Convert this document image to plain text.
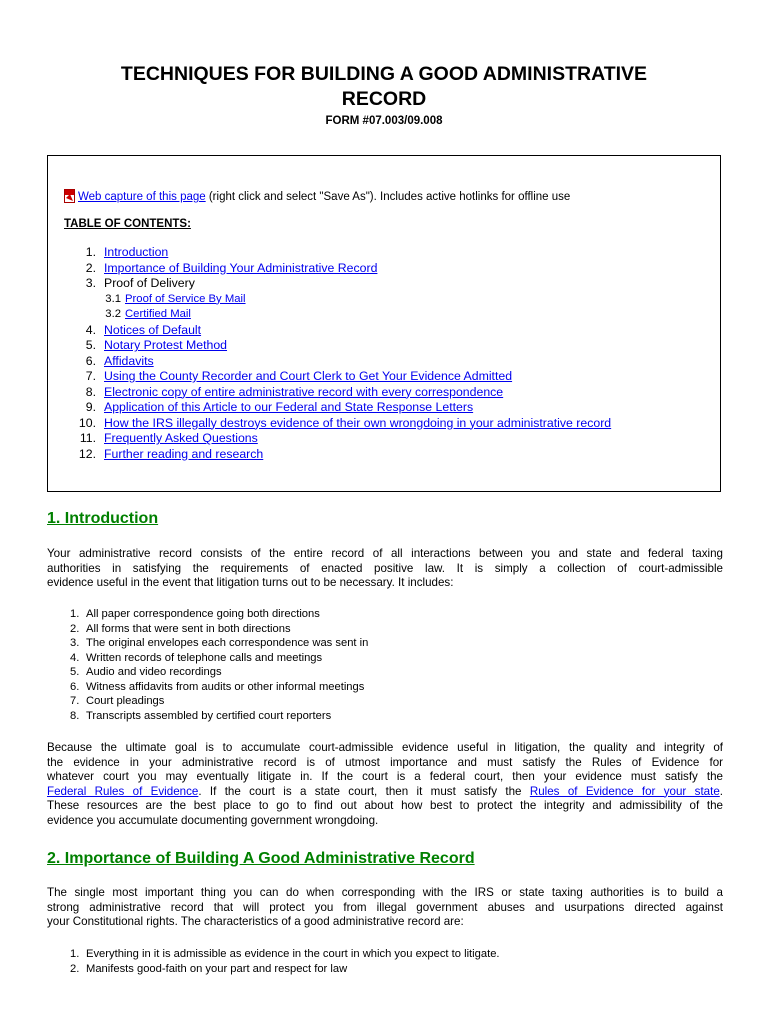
TECHNIQUES FOR BUILDING A GOOD ADMINISTRATIVE
RECORD
FORM #07.003/09.008
Web capture of this page (right click and select "Save As"). Includes active hotlinks for offline use
TABLE OF CONTENTS:
1. Introduction
2. Importance of Building Your Administrative Record
3. Proof of Delivery
3.1 Proof of Service By Mail
3.2 Certified Mail
4. Notices of Default
5. Notary Protest Method
6. Affidavits
7. Using the County Recorder and Court Clerk to Get Your Evidence Admitted
8. Electronic copy of entire administrative record with every correspondence
9. Application of this Article to our Federal and State Response Letters
10. How the IRS illegally destroys evidence of their own wrongdoing in your administrative record
11. Frequently Asked Questions
12. Further reading and research
1. Introduction
Your administrative record consists of the entire record of all interactions between you and state and federal taxing
authorities in satisfying the requirements of enacted positive law. It is simply a collection of court-admissible
evidence useful in the event that litigation turns out to be necessary. It includes:
1. All paper correspondence going both directions
2. All forms that were sent in both directions
3. The original envelopes each correspondence was sent in
4. Written records of telephone calls and meetings
5. Audio and video recordings
6. Witness affidavits from audits or other informal meetings
7. Court pleadings
8. Transcripts assembled by certified court reporters
Because the ultimate goal is to accumulate court-admissible evidence useful in litigation, the quality and integrity of
the evidence in your administrative record is of utmost importance and must satisfy the Rules of Evidence for
whatever court you may eventually litigate in. If the court is a federal court, then your evidence must satisfy the
Federal Rules of Evidence. If the court is a state court, then it must satisfy the Rules of Evidence for your state.
These resources are the best place to go to find out about how best to protect the integrity and admissibility of the
evidence you accumulate documenting government wrongdoing.
2. Importance of Building A Good Administrative Record
The single most important thing you can do when corresponding with the IRS or state taxing authorities is to build a
strong administrative record that will protect you from illegal government abuses and usurpations directed against
your Constitutional rights. The characteristics of a good administrative record are:
1. Everything in it is admissible as evidence in the court in which you expect to litigate.
2. Manifests good-faith on your part and respect for law
